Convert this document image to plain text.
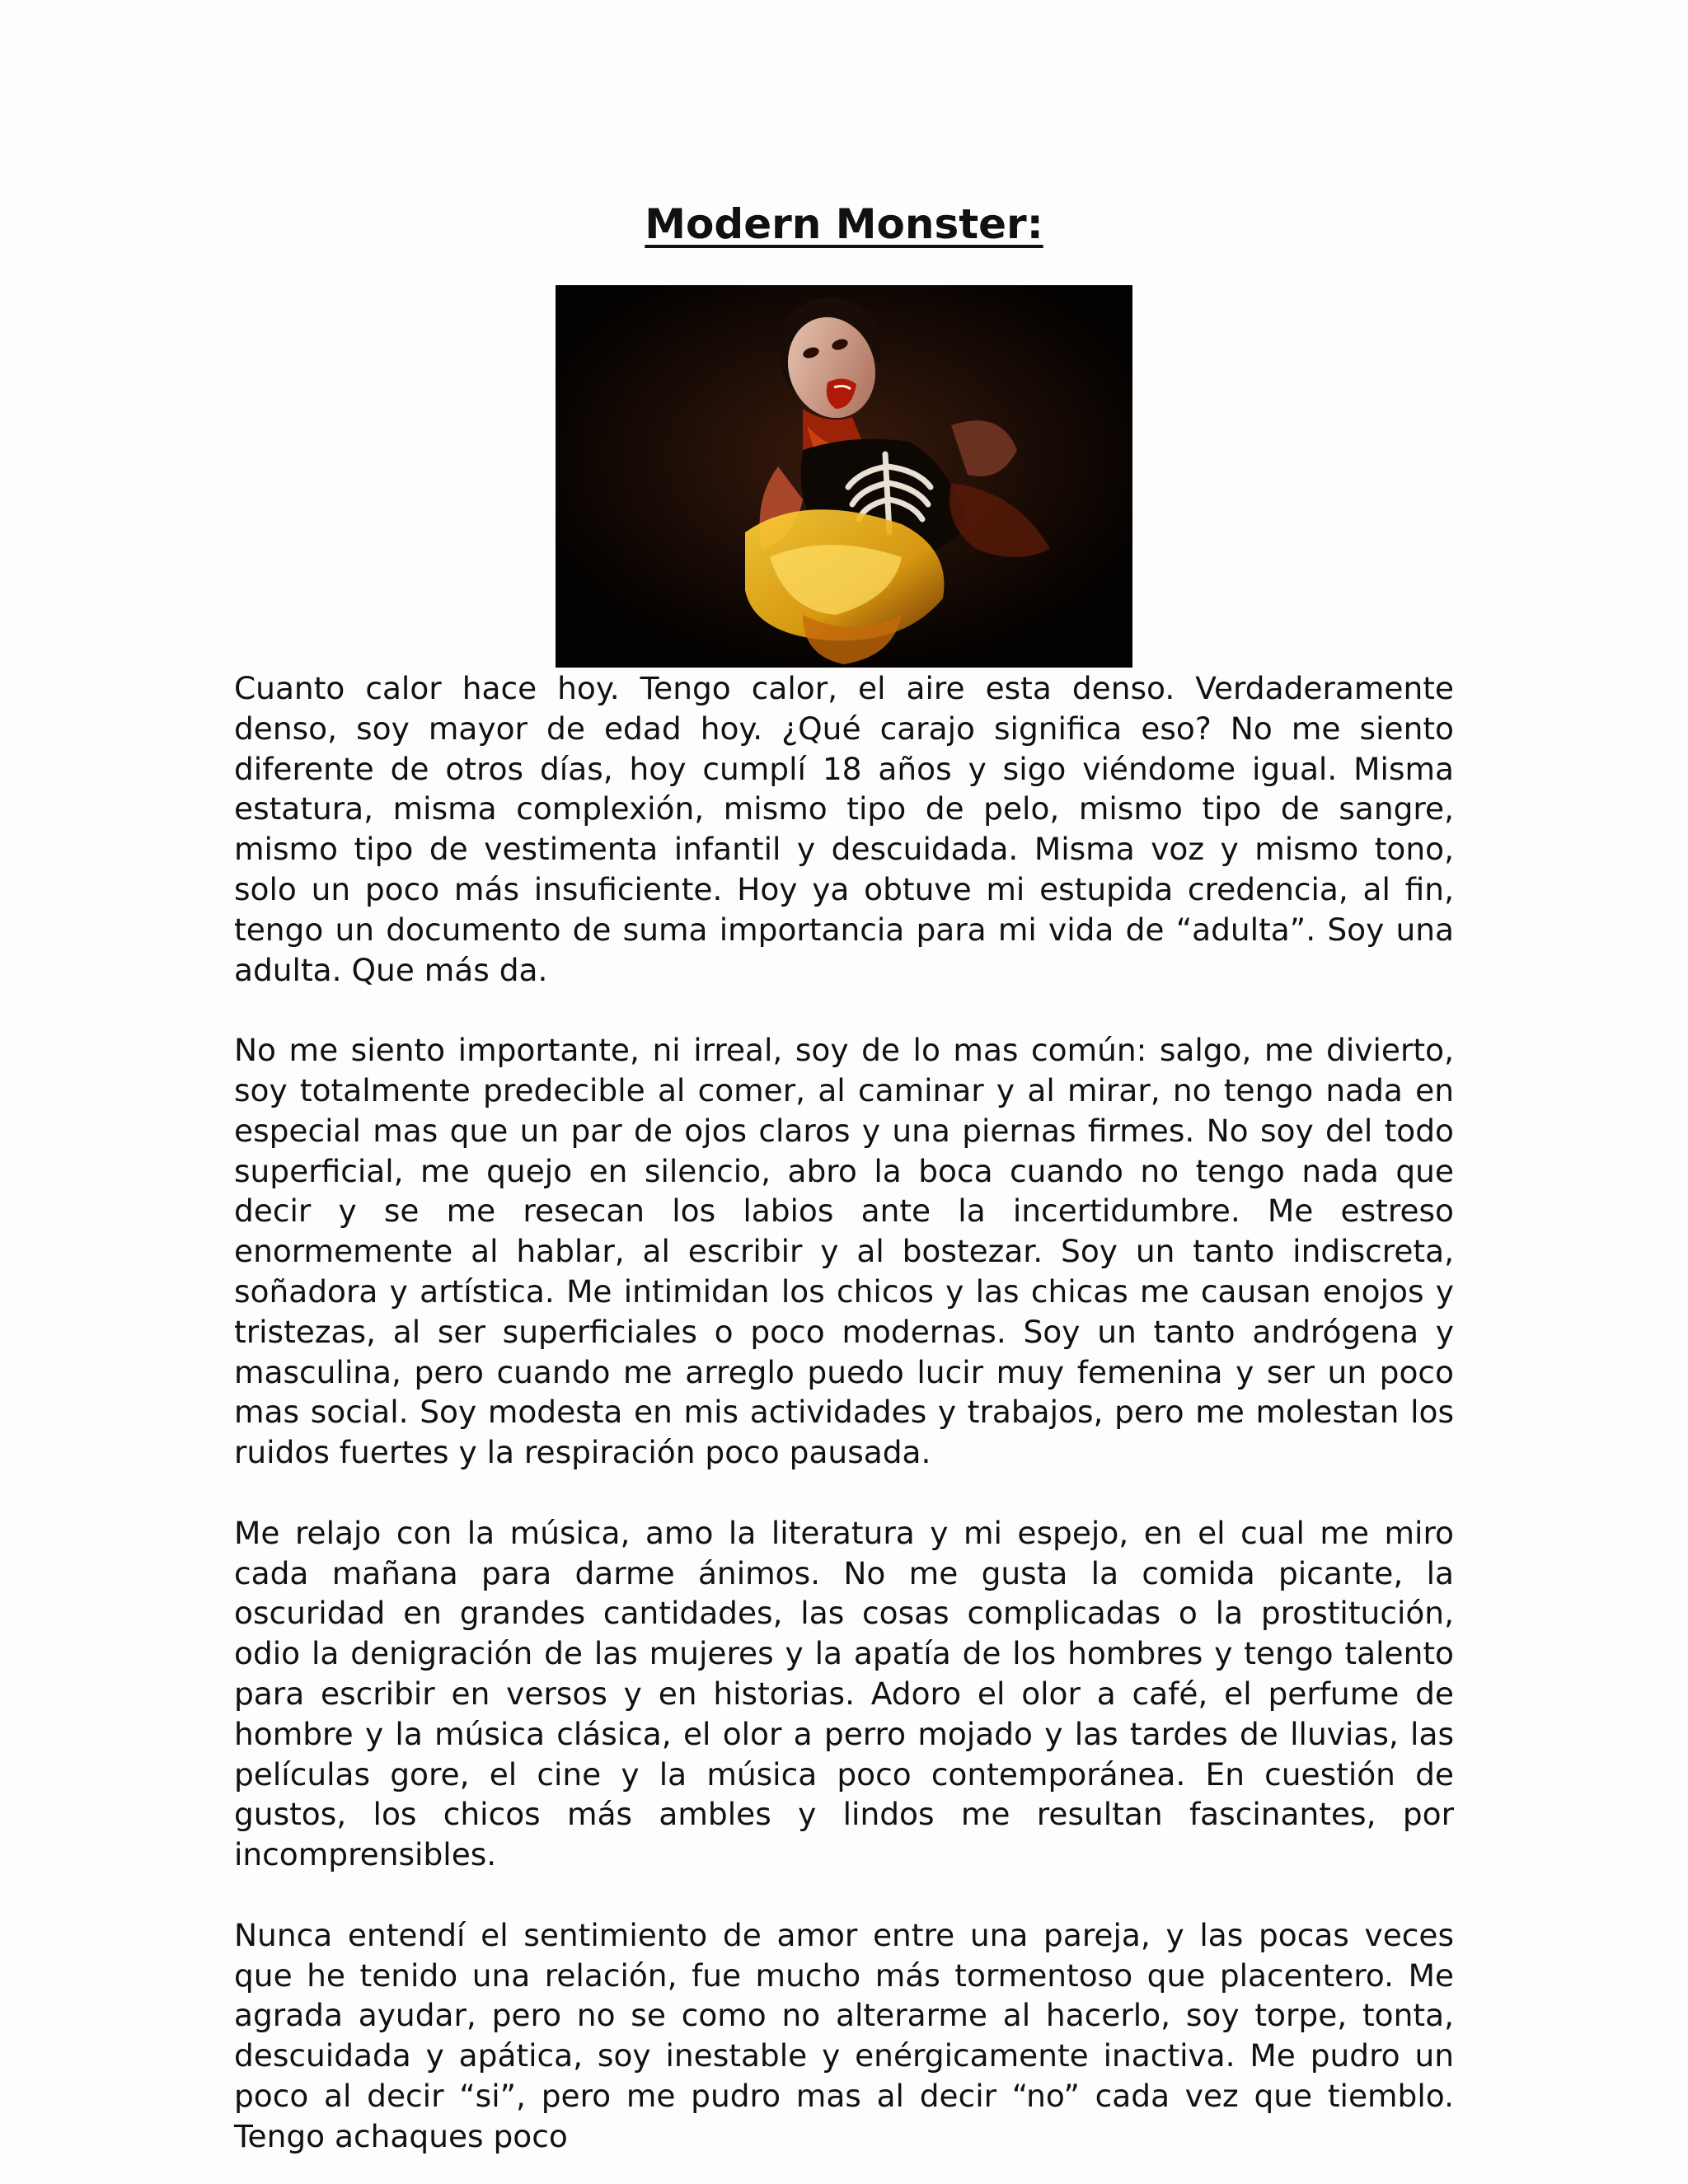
Modern Monster:

Cuanto calor hace hoy. Tengo calor, el aire esta denso. Verdaderamente denso, soy mayor de edad hoy. ¿Qué carajo significa eso? No me siento diferente de otros días, hoy cumplí 18 años y sigo viéndome igual. Misma estatura, misma complexión, mismo tipo de pelo, mismo tipo de sangre, mismo tipo de vestimenta infantil y descuidada. Misma voz y mismo tono, solo un poco más insuficiente. Hoy ya obtuve mi estupida credencia, al fin, tengo un documento de suma importancia para mi vida de “adulta”. Soy una adulta. Que más da.

No me siento importante, ni irreal, soy de lo mas común: salgo, me divierto, soy totalmente predecible al comer, al caminar y al mirar, no tengo nada en especial mas que un par de ojos claros y una piernas firmes. No soy del todo superficial, me quejo en silencio, abro la boca cuando no tengo nada que decir y se me resecan los labios ante la incertidumbre. Me estreso enormemente al hablar, al escribir y al bostezar. Soy un tanto indiscreta, soñadora y artística. Me intimidan los chicos y las chicas me causan enojos y tristezas, al ser superficiales o poco modernas. Soy un tanto andrógena y masculina, pero cuando me arreglo puedo lucir muy femenina y ser un poco mas social. Soy modesta en mis actividades y trabajos, pero me molestan los ruidos fuertes y la respiración poco pausada.

Me relajo con la música, amo la literatura y mi espejo, en el cual me miro cada mañana para darme ánimos. No me gusta la comida picante, la oscuridad en grandes cantidades, las cosas complicadas o la prostitución, odio la denigración de las mujeres y la apatía de los hombres y tengo talento para escribir en versos y en historias. Adoro el olor a café, el perfume de hombre y la música clásica, el olor a perro mojado y las tardes de lluvias, las películas gore, el cine y la música poco contemporánea. En cuestión de gustos, los chicos más ambles y lindos me resultan fascinantes, por incomprensibles.

Nunca entendí el sentimiento de amor entre una pareja, y las pocas veces que he tenido una relación, fue mucho más tormentoso que placentero. Me agrada ayudar, pero no se como no alterarme al hacerlo, soy torpe, tonta, descuidada y apática, soy inestable y enérgicamente inactiva. Me pudro un poco al decir “si”, pero me pudro mas al decir “no” cada vez que tiemblo. Tengo achaques poco
